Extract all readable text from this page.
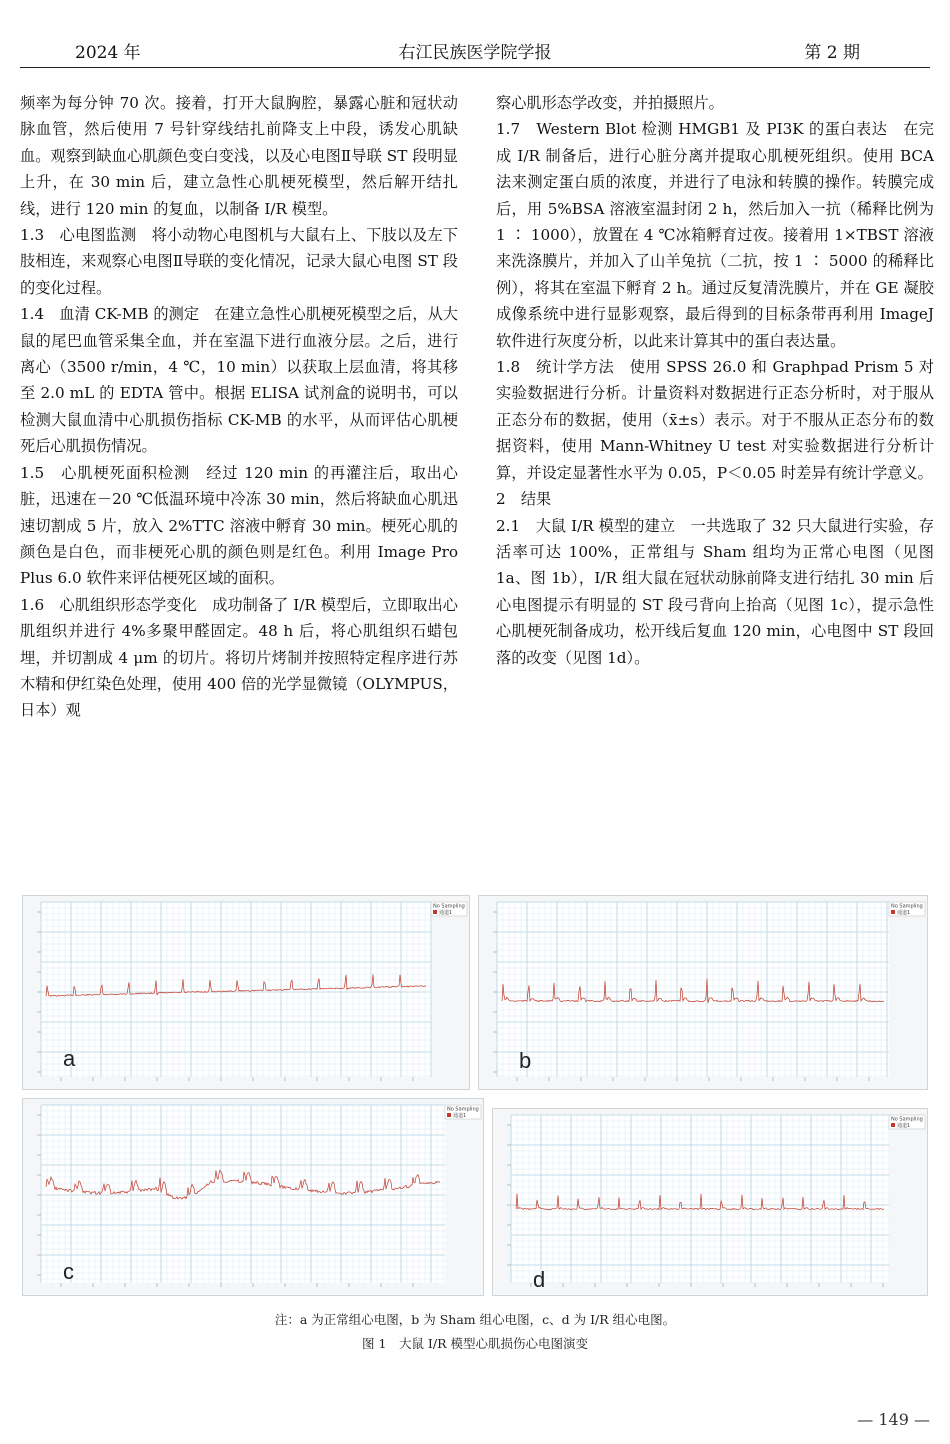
2024 年	右江民族医学院学报	第 2 期

频率为每分钟 70 次。接着，打开大鼠胸腔，暴露心脏和冠状动脉血管，然后使用 7 号针穿线结扎前降支上中段，诱发心肌缺血。观察到缺血心肌颜色变白变浅，以及心电图Ⅱ导联 ST 段明显上升，在 30 min 后，建立急性心肌梗死模型，然后解开结扎线，进行 120 min 的复血，以制备 I/R 模型。

1.3　心电图监测　将小动物心电图机与大鼠右上、下肢以及左下肢相连，来观察心电图Ⅱ导联的变化情况，记录大鼠心电图 ST 段的变化过程。

1.4　血清 CK-MB 的测定　在建立急性心肌梗死模型之后，从大鼠的尾巴血管采集全血，并在室温下进行血液分层。之后，进行离心（3500 r/min，4 ℃，10 min）以获取上层血清，将其移至 2.0 mL 的 EDTA 管中。根据 ELISA 试剂盒的说明书，可以检测大鼠血清中心肌损伤指标 CK-MB 的水平，从而评估心肌梗死后心肌损伤情况。

1.5　心肌梗死面积检测　经过 120 min 的再灌注后，取出心脏，迅速在－20 ℃低温环境中冷冻 30 min，然后将缺血心肌迅速切割成 5 片，放入 2%TTC 溶液中孵育 30 min。梗死心肌的颜色是白色，而非梗死心肌的颜色则是红色。利用 Image Pro Plus 6.0 软件来评估梗死区域的面积。

1.6　心肌组织形态学变化　成功制备了 I/R 模型后，立即取出心肌组织并进行 4%多聚甲醛固定。48 h 后，将心肌组织石蜡包埋，并切割成 4 μm 的切片。将切片烤制并按照特定程序进行苏木精和伊红染色处理，使用 400 倍的光学显微镜（OLYMPUS，日本）观

察心肌形态学改变，并拍摄照片。

1.7　Western Blot 检测 HMGB1 及 PI3K 的蛋白表达　在完成 I/R 制备后，进行心脏分离并提取心肌梗死组织。使用 BCA 法来测定蛋白质的浓度，并进行了电泳和转膜的操作。转膜完成后，用 5%BSA 溶液室温封闭 2 h，然后加入一抗（稀释比例为 1 ∶ 1000），放置在 4 ℃冰箱孵育过夜。接着用 1×TBST 溶液来洗涤膜片，并加入了山羊兔抗（二抗，按 1 ∶ 5000 的稀释比例），将其在室温下孵育 2 h。通过反复清洗膜片，并在 GE 凝胶成像系统中进行显影观察，最后得到的目标条带再利用 ImageJ 软件进行灰度分析，以此来计算其中的蛋白表达量。

1.8　统计学方法　使用 SPSS 26.0 和 Graphpad Prism 5 对实验数据进行分析。计量资料对数据进行正态分析时，对于服从正态分布的数据，使用（x̄±s）表示。对于不服从正态分布的数据资料，使用 Mann-Whitney U test 对实验数据进行分析计算，并设定显著性水平为 0.05，P＜0.05 时差异有统计学意义。

2　结果

2.1　大鼠 I/R 模型的建立　一共选取了 32 只大鼠进行实验，存活率可达 100%，正常组与 Sham 组均为正常心电图（见图 1a、图 1b），I/R 组大鼠在冠状动脉前降支进行结扎 30 min 后心电图提示有明显的 ST 段弓背向上抬高（见图 1c），提示急性心肌梗死制备成功，松开线后复血 120 min，心电图中 ST 段回落的改变（见图 1d）。

No Sampling
通道1
a
No Sampling
通道1
b
No Sampling
通道1
c
No Sampling
通道1
d
注：a 为正常组心电图，b 为 Sham 组心电图，c、d 为 I/R 组心电图。
图 1　大鼠 I/R 模型心肌损伤心电图演变
— 149 —
